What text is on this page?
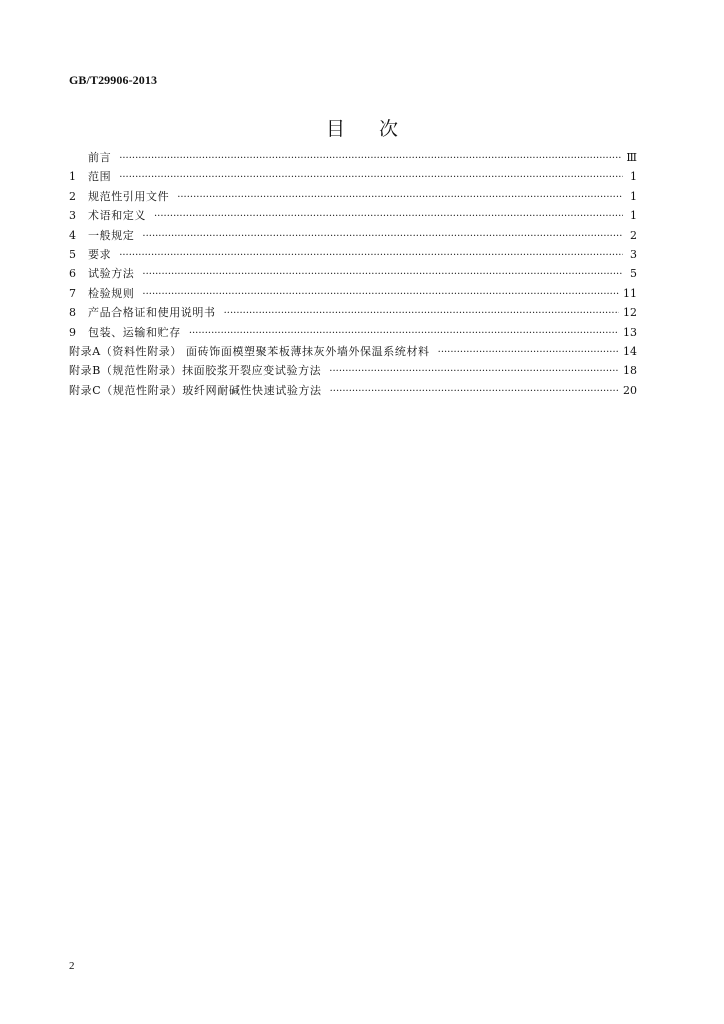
GB/T29906-2013
目 次
前言 ·····	Ⅲ
1	范围 ·····	1
2	规范性引用文件 ·····	1
3	术语和定义 ·····	1
4	一般规定 ·····	2
5	要求 ·····	3
6	试验方法 ·····	5
7	检验规则 ·····	11
8	产品合格证和使用说明书 ·····	12
9	包装、运输和贮存 ·····	13
附录A（资料性附录） 面砖饰面模塑聚苯板薄抹灰外墙外保温系统材料 ·····	14
附录B（规范性附录）抹面胶浆开裂应变试验方法 ·····	18
附录C（规范性附录）玻纤网耐碱性快速试验方法 ·····	20
2
